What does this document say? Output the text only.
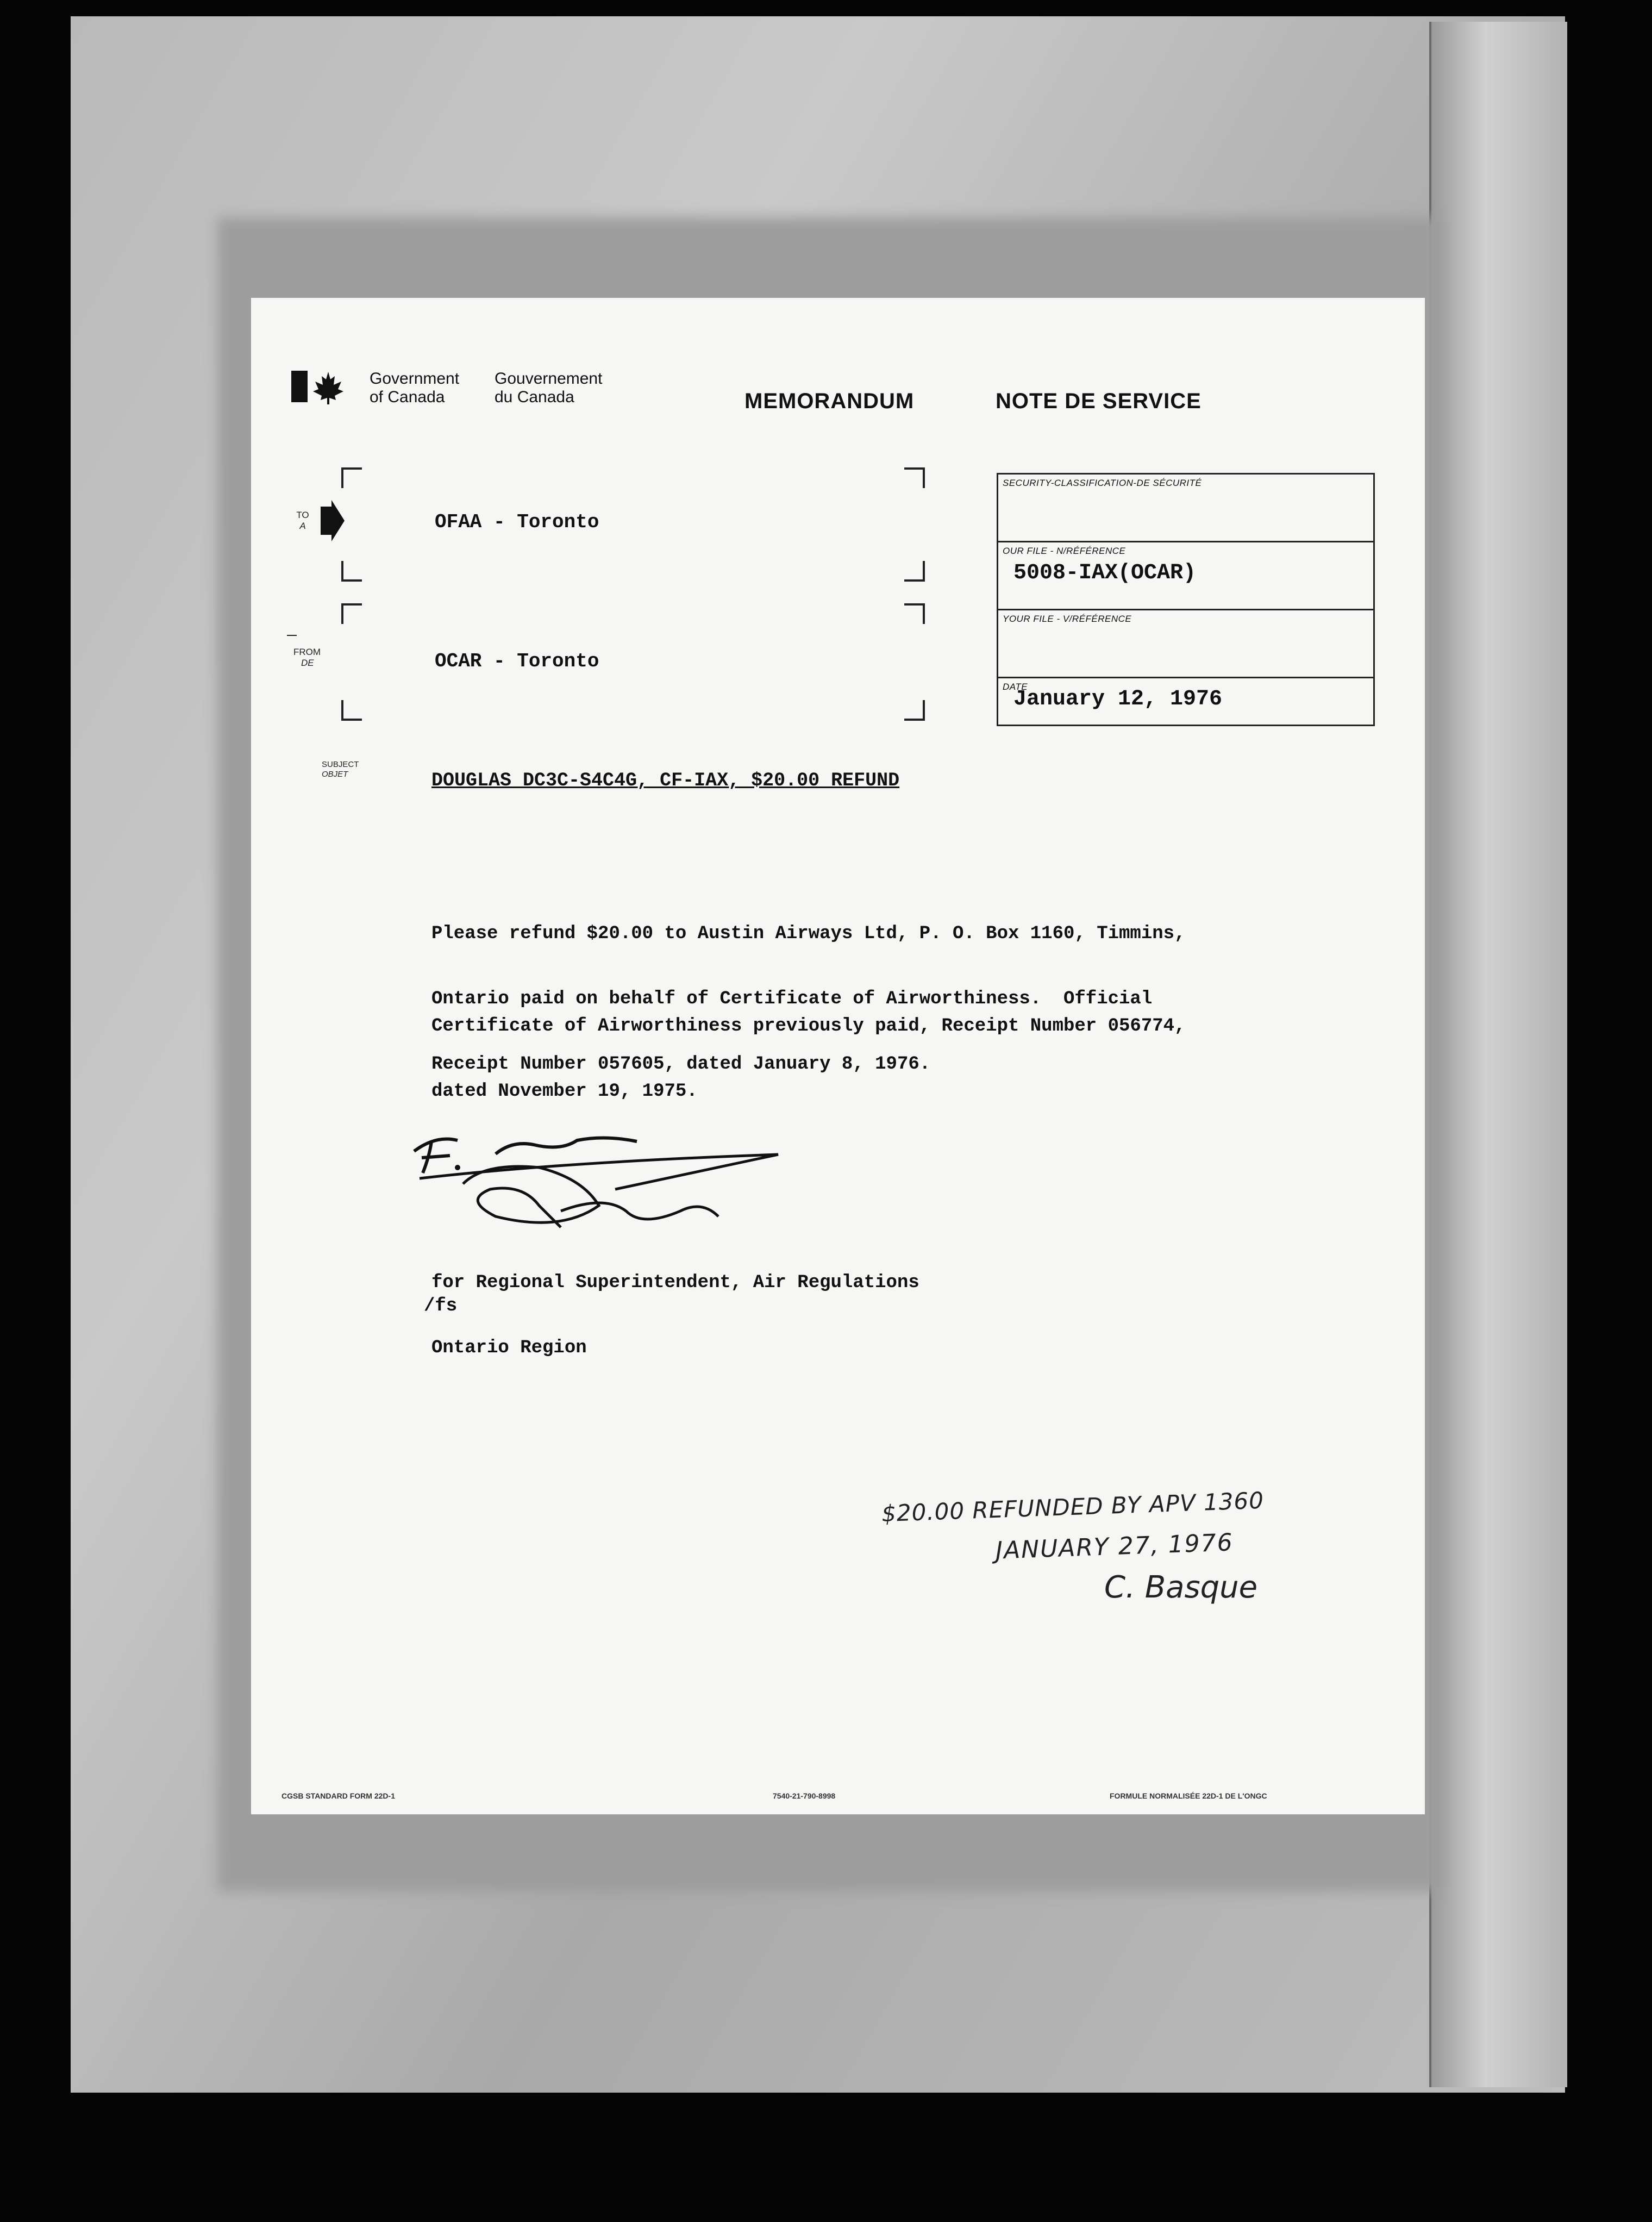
Government
of Canada
Gouvernement
du Canada	MEMORANDUM	NOTE DE SERVICE
TO
A	OFAA - Toronto
FROM
DE	OCAR - Toronto
SECURITY-CLASSIFICATION-DE SÉCURITÉ
OUR FILE - N/RÉFÉRENCE
5008-IAX(OCAR)
YOUR FILE - V/RÉFÉRENCE
DATE
January 12, 1976
SUBJECT
OBJET	DOUGLAS DC3C-S4C4G, CF-IAX, $20.00 REFUND

Please refund $20.00 to Austin Airways Ltd, P. O. Box 1160, Timmins,

Ontario paid on behalf of Certificate of Airworthiness.  Official

Receipt Number 057605, dated January 8, 1976.

Certificate of Airworthiness previously paid, Receipt Number 056774,

dated November 19, 1975.

for Regional Superintendent, Air Regulations

Ontario Region

/fs
$20.00 REFUNDED BY APV 1360
JANUARY 27, 1976
C. Basque
CGSB STANDARD FORM 22D-1	7540-21-790-8998	FORMULE NORMALISÉE 22D-1 DE L'ONGC
